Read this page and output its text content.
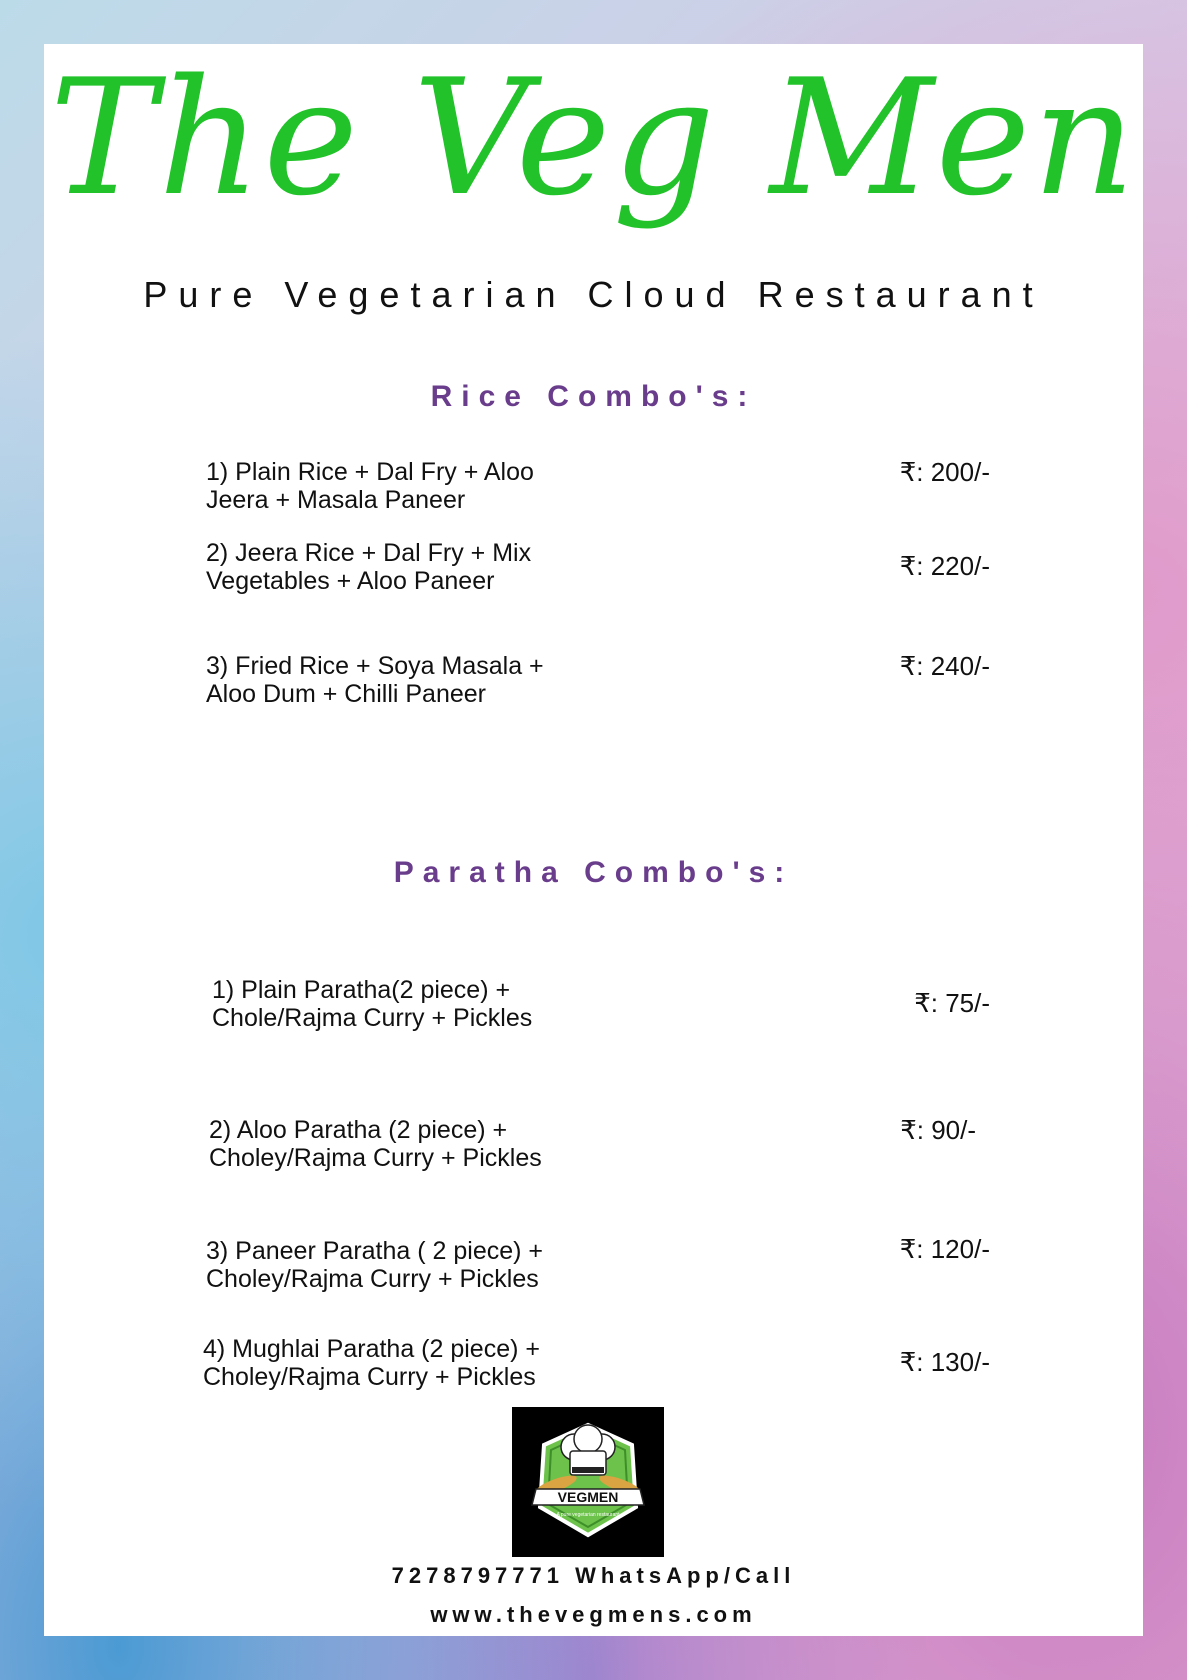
The Veg Men
Pure Vegetarian Cloud Restaurant
Rice Combo's:
1) Plain Rice + Dal Fry + Aloo
Jeera + Masala Paneer
₹: 200/-
2) Jeera Rice + Dal Fry + Mix
Vegetables + Aloo Paneer	₹: 220/-
3) Fried Rice + Soya Masala +
Aloo Dum + Chilli Paneer
₹: 240/-
Paratha Combo's:
1) Plain Paratha(2 piece) +
Chole/Rajma Curry + Pickles	₹: 75/-
2) Aloo Paratha (2 piece) +
Choley/Rajma Curry + Pickles
₹: 90/-
3) Paneer Paratha ( 2 piece) +
Choley/Rajma Curry + Pickles
₹: 120/-
4) Mughlai Paratha (2 piece) +
Choley/Rajma Curry + Pickles	₹: 130/-
VEGMEN
A pure vegetarian restaurant
7278797771 WhatsApp/Call
www.thevegmens.com
